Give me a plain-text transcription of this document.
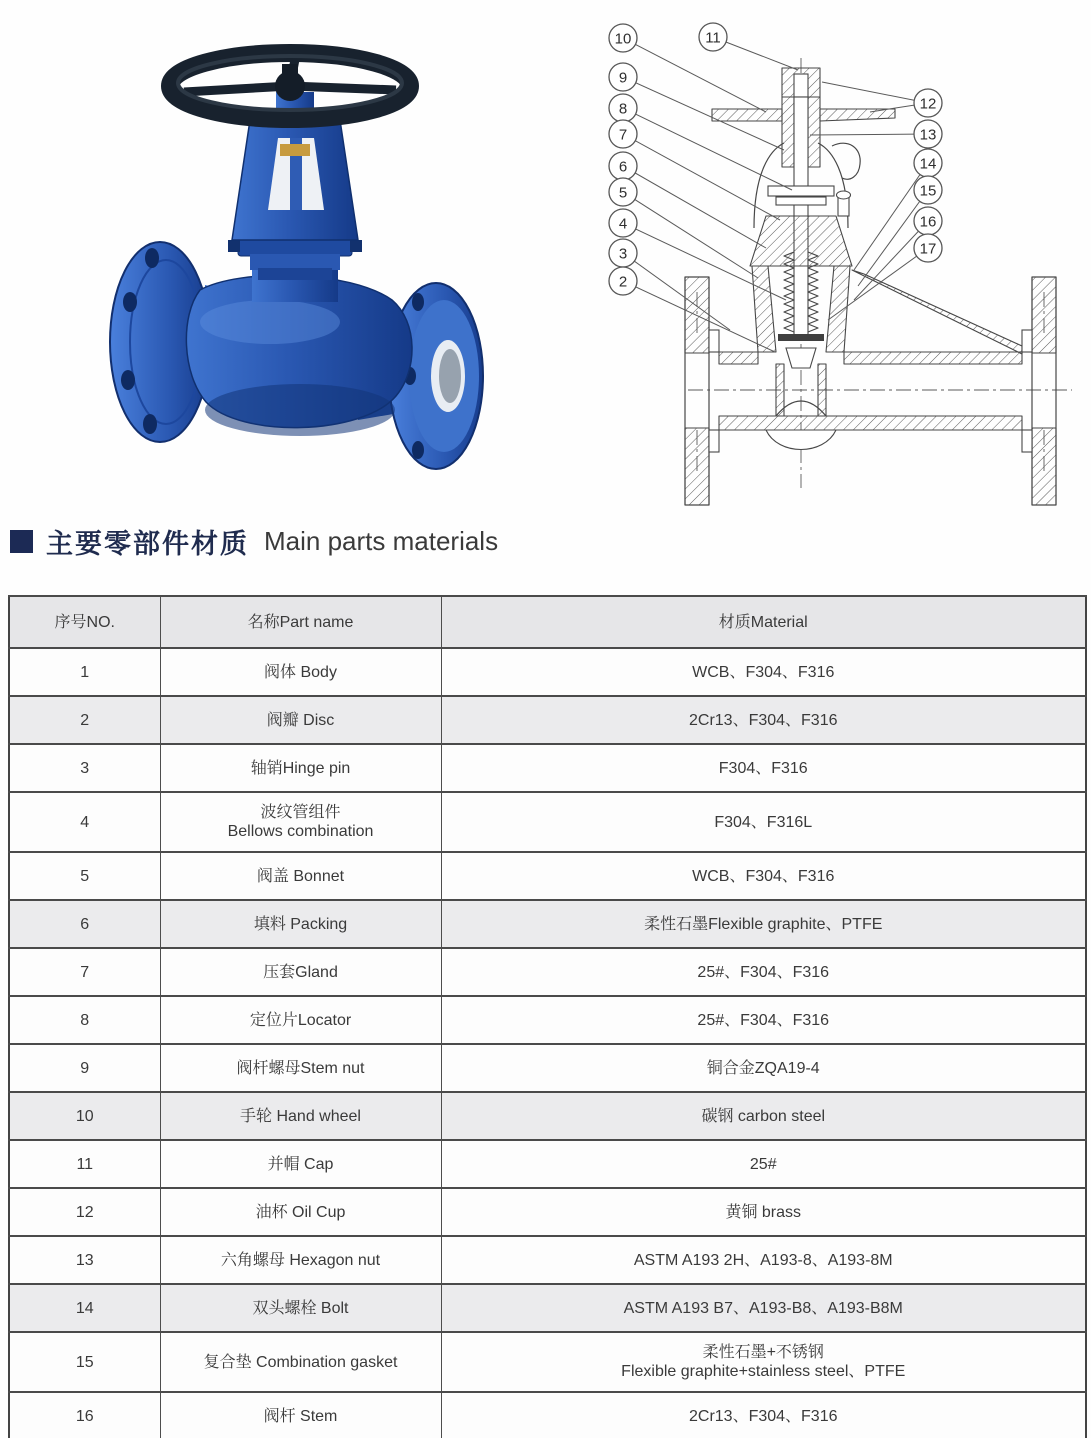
10	11
9
8
7
6
5
4
3
2
12
13
14
15
16
17
主要零部件材质 Main parts materials
序号NO.	名称Part name	材质Material
1	阀体 Body	WCB、F304、F316

2	阀瓣 Disc	2Cr13、F304、F316

3	轴销Hinge pin	F304、F316

4	波纹管组件
Bellows combination	F304、F316L

5	阀盖 Bonnet	WCB、F304、F316

6	填料 Packing	柔性石墨Flexible graphite、PTFE

7	压套Gland	25#、F304、F316

8	定位片Locator	25#、F304、F316

9	阀杆螺母Stem nut	铜合金ZQA19-4

10	手轮 Hand wheel	碳钢 carbon steel

11	并帽 Cap	25#

12	油杯 Oil Cup	黄铜 brass

13	六角螺母 Hexagon nut	ASTM A193 2H、A193-8、A193-8M

14	双头螺栓 Bolt	ASTM A193 B7、A193-B8、A193-B8M

15	复合垫 Combination gasket	柔性石墨+不锈钢
Flexible graphite+stainless steel、PTFE

16	阀杆 Stem	2Cr13、F304、F316
